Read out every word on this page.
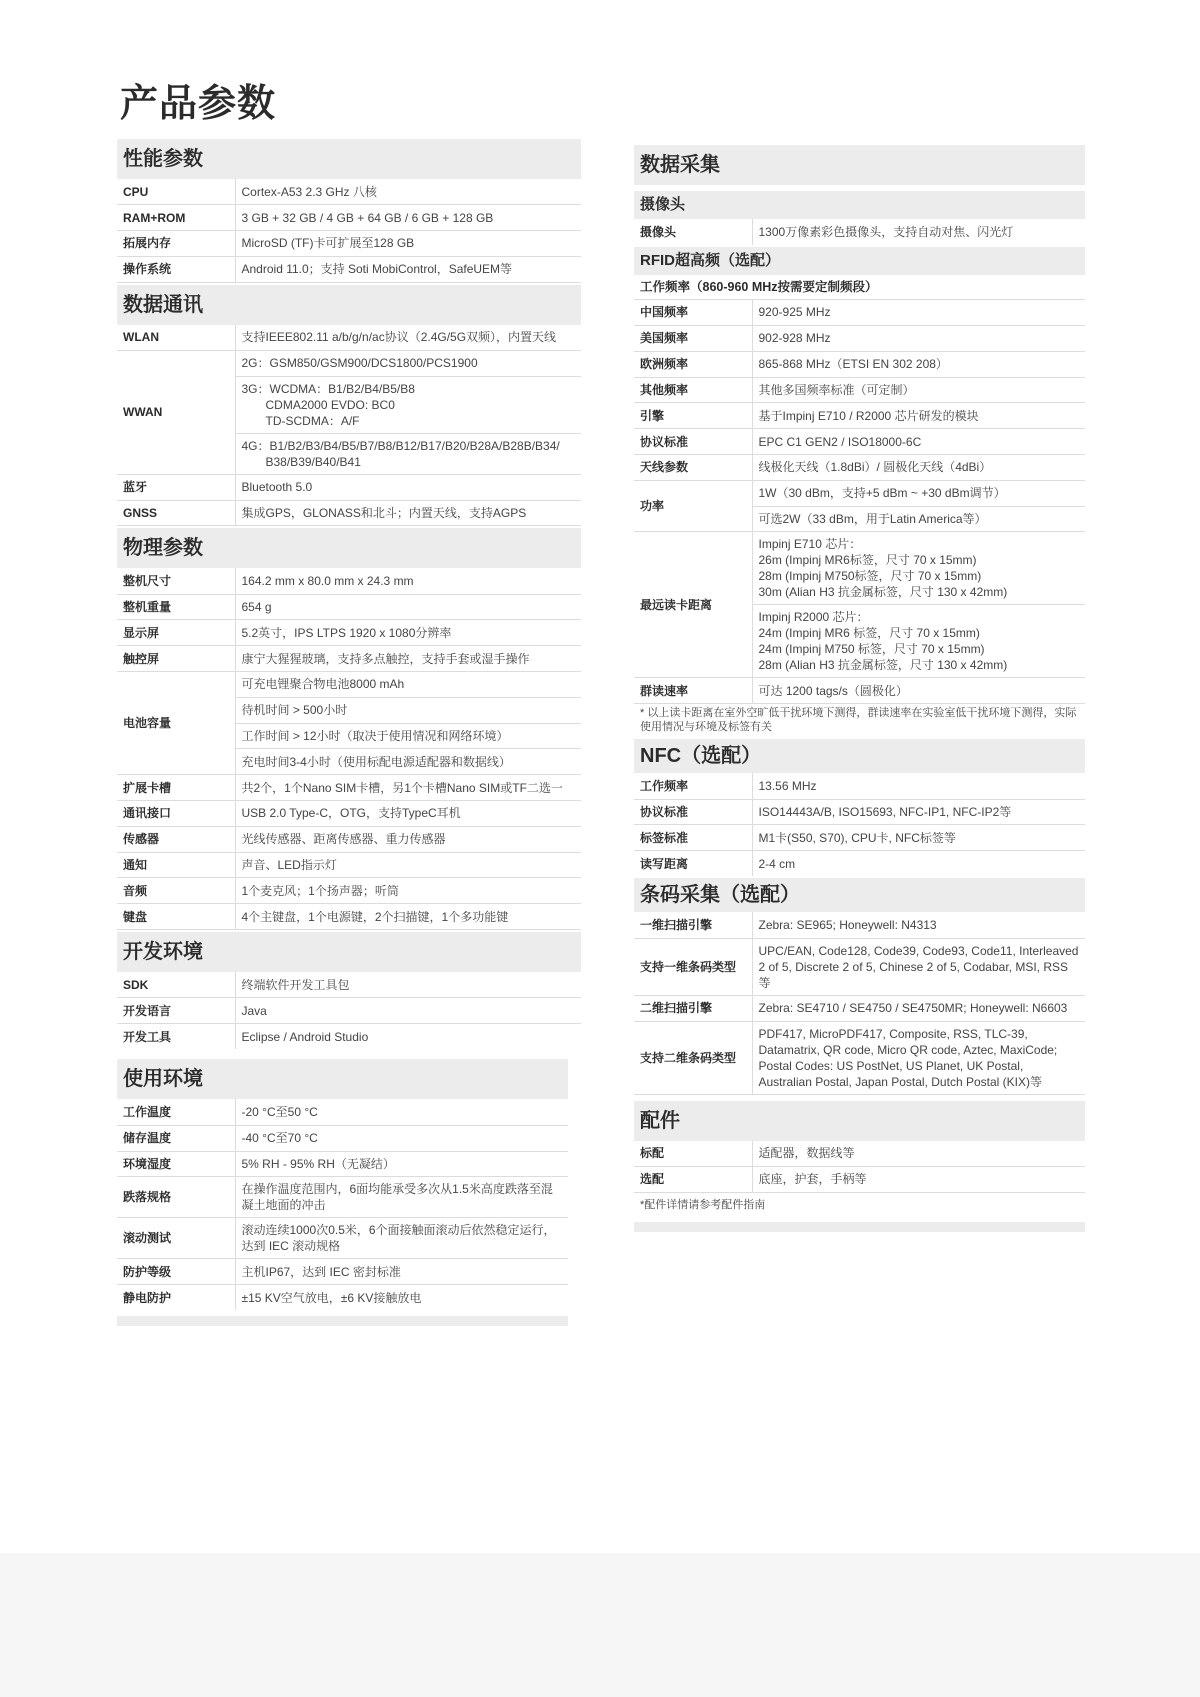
产品参数
性能参数
CPU	Cortex-A53 2.3 GHz 八核
RAM+ROM	3 GB + 32 GB / 4 GB + 64 GB / 6 GB + 128 GB
拓展内存	MicroSD (TF)卡可扩展至128 GB
操作系统	Android 11.0；支持 Soti MobiControl，SafeUEM等
数据通讯
WLAN	支持IEEE802.11 a/b/g/n/ac协议（2.4G/5G双频），内置天线
WWAN	2G：GSM850/GSM900/DCS1800/PCS1900

	3G：WCDMA：B1/B2/B4/B5/B8
CDMA2000 EVDO: BC0
TD-SCDMA：A/F

	4G：B1/B2/B3/B4/B5/B7/B8/B12/B17/B20/B28A/B28B/B34/
B38/B39/B40/B41

蓝牙	Bluetooth 5.0
GNSS	集成GPS，GLONASS和北斗；内置天线，支持AGPS
物理参数
整机尺寸	164.2 mm x 80.0 mm x 24.3 mm
整机重量	654 g
显示屏	5.2英寸，IPS LTPS 1920 x 1080分辨率
触控屏	康宁大猩猩玻璃，支持多点触控，支持手套或湿手操作
电池容量	可充电锂聚合物电池8000 mAh
	待机时间 > 500小时
	工作时间 > 12小时（取决于使用情况和网络环境）
	充电时间3-4小时（使用标配电源适配器和数据线）
扩展卡槽	共2个，1个Nano SIM卡槽，另1个卡槽Nano SIM或TF二选一
通讯接口	USB 2.0 Type-C，OTG，支持TypeC耳机
传感器	光线传感器、距离传感器、重力传感器
通知	声音、LED指示灯
音频	1个麦克风；1个扬声器；听筒
键盘	4个主键盘，1个电源键，2个扫描键，1个多功能键
开发环境
SDK	终端软件开发工具包
开发语言	Java
开发工具	Eclipse / Android Studio
使用环境
工作温度	-20 °C至50 °C
储存温度	-40 °C至70 °C
环境湿度	5% RH - 95% RH（无凝结）
跌落规格	在操作温度范围内，6面均能承受多次从1.5米高度跌落至混凝土地面的冲击
滚动测试	滚动连续1000次0.5米，6个面接触面滚动后依然稳定运行，达到 IEC 滚动规格
防护等级	主机IP67，达到 IEC 密封标准
静电防护	±15 KV空气放电，±6 KV接触放电
数据采集
摄像头
摄像头	1300万像素彩色摄像头，支持自动对焦、闪光灯
RFID超高频（选配）
工作频率（860-960 MHz按需要定制频段）
中国频率	920-925 MHz
美国频率	902-928 MHz
欧洲频率	865-868 MHz（ETSI EN 302 208）
其他频率	其他多国频率标准（可定制）
引擎	基于Impinj E710 / R2000 芯片研发的模块
协议标准	EPC C1 GEN2 / ISO18000-6C
天线参数	线极化天线（1.8dBi）/ 圆极化天线（4dBi）
功率	1W（30 dBm，支持+5 dBm ~ +30 dBm调节）
	可选2W（33 dBm，用于Latin America等）
最远读卡距离	Impinj E710 芯片：
26m (Impinj MR6标签，尺寸 70 x 15mm)
28m (Impinj M750标签，尺寸 70 x 15mm)
30m (Alian H3 抗金属标签，尺寸 130 x 42mm)

	Impinj R2000 芯片：
24m (Impinj MR6 标签，尺寸 70 x 15mm)
24m (Impinj M750 标签，尺寸 70 x 15mm)
28m (Alian H3 抗金属标签，尺寸 130 x 42mm)

群读速率	可达 1200 tags/s（圆极化）
* 以上读卡距离在室外空旷低干扰环境下测得，群读速率在实验室低干扰环境下测得，实际使用情况与环境及标签有关
NFC（选配）
工作频率	13.56 MHz
协议标准	ISO14443A/B, ISO15693, NFC-IP1, NFC-IP2等
标签标准	M1卡(S50, S70), CPU卡, NFC标签等
读写距离	2-4 cm
条码采集（选配）
一维扫描引擎	Zebra: SE965; Honeywell: N4313
支持一维条码类型	UPC/EAN, Code128, Code39, Code93, Code11, Interleaved 2 of 5, Discrete 2 of 5, Chinese 2 of 5, Codabar, MSI, RSS等
二维扫描引擎	Zebra: SE4710 / SE4750 / SE4750MR; Honeywell: N6603
支持二维条码类型	PDF417, MicroPDF417, Composite, RSS, TLC-39, Datamatrix, QR code, Micro QR code, Aztec, MaxiCode; Postal Codes: US PostNet, US Planet, UK Postal, Australian Postal, Japan Postal, Dutch Postal (KIX)等
配件
标配	适配器，数据线等
选配	底座，护套，手柄等
*配件详情请参考配件指南
